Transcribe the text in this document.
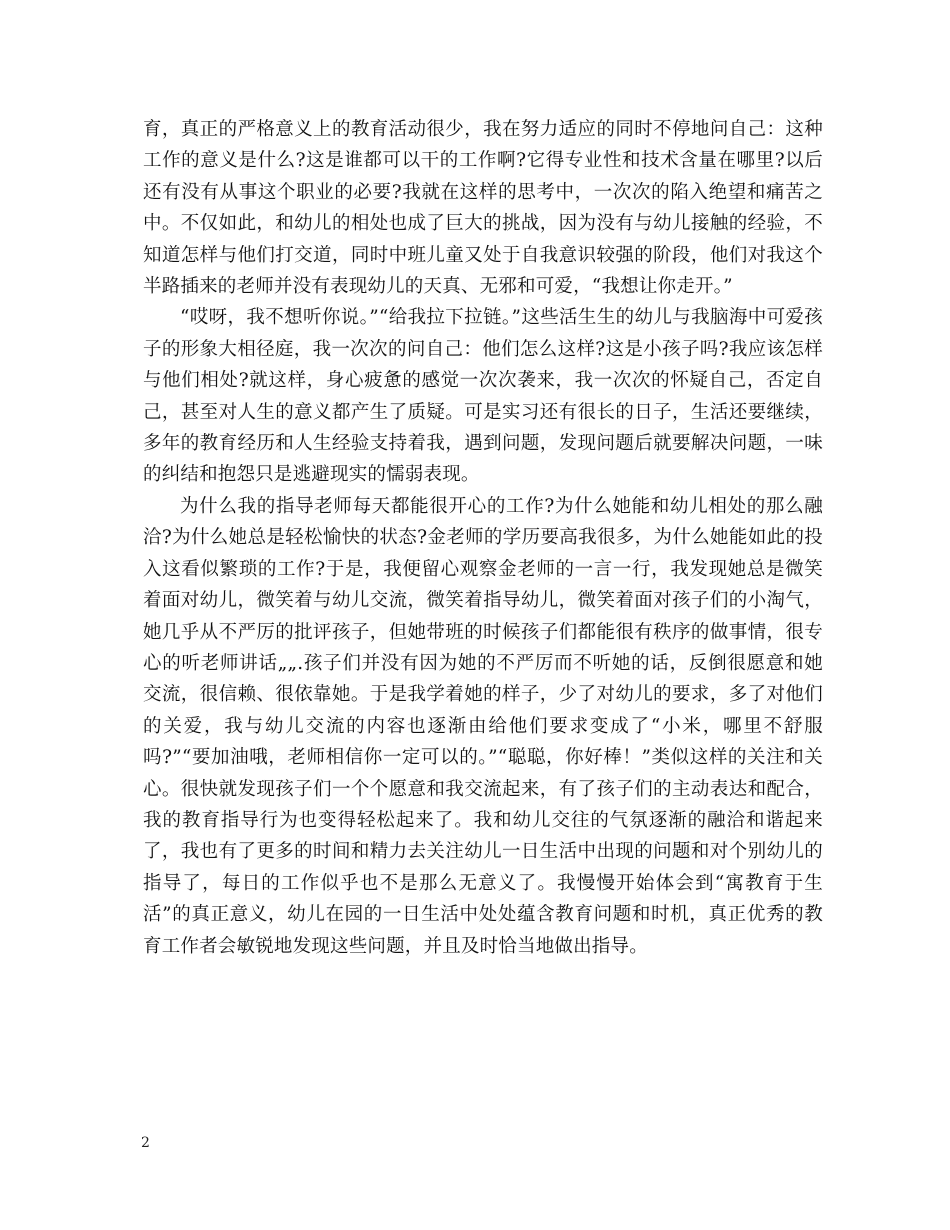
育，真正的严格意义上的教育活动很少，我在努力适应的同时不停地问自己：这种工作的意义是什么?这是谁都可以干的工作啊?它得专业性和技术含量在哪里?以后还有没有从事这个职业的必要?我就在这样的思考中，一次次的陷入绝望和痛苦之中。不仅如此，和幼儿的相处也成了巨大的挑战，因为没有与幼儿接触的经验，不知道怎样与他们打交道，同时中班儿童又处于自我意识较强的阶段，他们对我这个半路插来的老师并没有表现幼儿的天真、无邪和可爱，“我想让你走开。”

“哎呀，我不想听你说。”“给我拉下拉链。”这些活生生的幼儿与我脑海中可爱孩子的形象大相径庭，我一次次的问自己：他们怎么这样?这是小孩子吗?我应该怎样与他们相处?就这样，身心疲惫的感觉一次次袭来，我一次次的怀疑自己，否定自己，甚至对人生的意义都产生了质疑。可是实习还有很长的日子，生活还要继续，多年的教育经历和人生经验支持着我，遇到问题，发现问题后就要解决问题，一味的纠结和抱怨只是逃避现实的懦弱表现。

为什么我的指导老师每天都能很开心的工作?为什么她能和幼儿相处的那么融洽?为什么她总是轻松愉快的状态?金老师的学历要高我很多，为什么她能如此的投入这看似繁琐的工作?于是，我便留心观察金老师的一言一行，我发现她总是微笑着面对幼儿，微笑着与幼儿交流，微笑着指导幼儿，微笑着面对孩子们的小淘气，她几乎从不严厉的批评孩子，但她带班的时候孩子们都能很有秩序的做事情，很专心的听老师讲话„„.孩子们并没有因为她的不严厉而不听她的话，反倒很愿意和她交流，很信赖、很依靠她。于是我学着她的样子，少了对幼儿的要求，多了对他们的关爱，我与幼儿交流的内容也逐渐由给他们要求变成了“小米，哪里不舒服吗?”“要加油哦，老师相信你一定可以的。”“聪聪，你好棒！”类似这样的关注和关心。很快就发现孩子们一个个愿意和我交流起来，有了孩子们的主动表达和配合，我的教育指导行为也变得轻松起来了。我和幼儿交往的气氛逐渐的融洽和谐起来了，我也有了更多的时间和精力去关注幼儿一日生活中出现的问题和对个别幼儿的指导了，每日的工作似乎也不是那么无意义了。我慢慢开始体会到“寓教育于生活”的真正意义，幼儿在园的一日生活中处处蕴含教育问题和时机，真正优秀的教育工作者会敏锐地发现这些问题，并且及时恰当地做出指导。

2
